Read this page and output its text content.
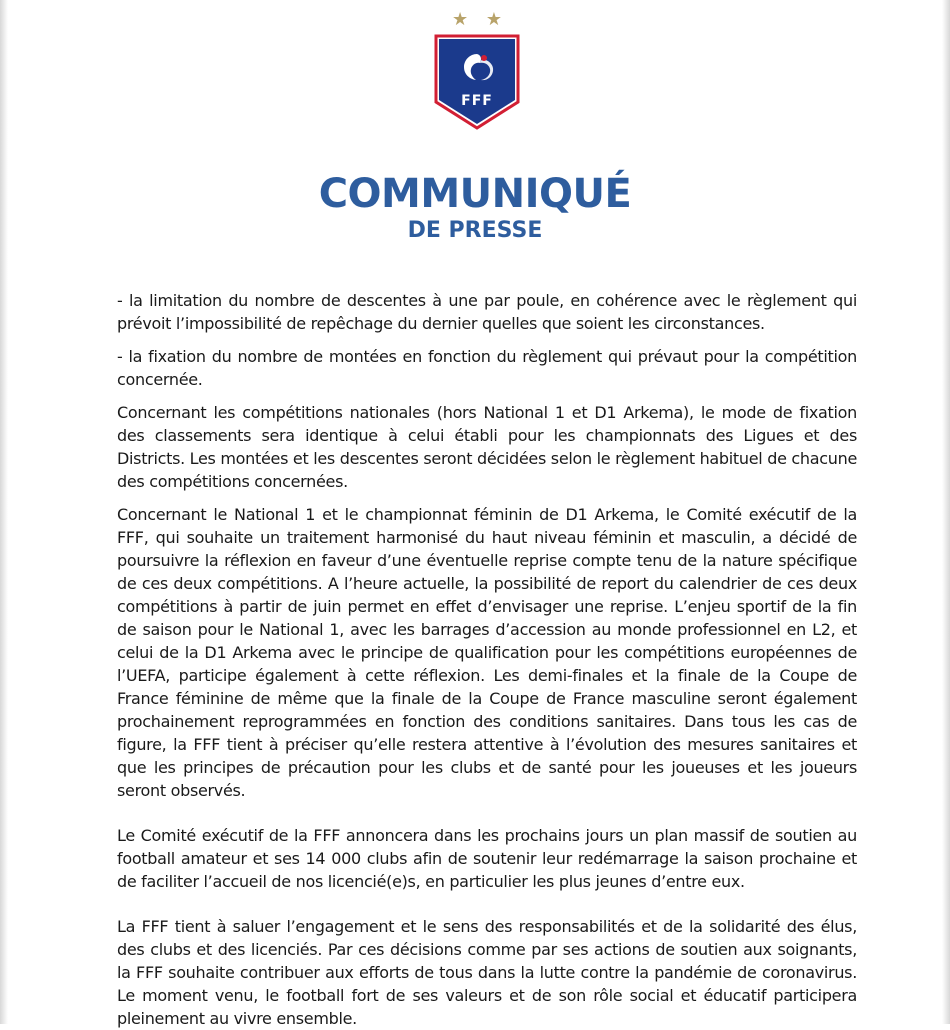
★ ★
FFF
COMMUNIQUÉ
DE PRESSE

- la limitation du nombre de descentes à une par poule, en cohérence avec le règlement qui prévoit l’impossibilité de repêchage du dernier quelles que soient les circonstances.

- la fixation du nombre de montées en fonction du règlement qui prévaut pour la compétition concernée.

Concernant les compétitions nationales (hors National 1 et D1 Arkema), le mode de fixation des classements sera identique à celui établi pour les championnats des Ligues et des Districts. Les montées et les descentes seront décidées selon le règlement habituel de chacune des compétitions concernées.

Concernant le National 1 et le championnat féminin de D1 Arkema, le Comité exécutif de la FFF, qui souhaite un traitement harmonisé du haut niveau féminin et masculin, a décidé de poursuivre la réflexion en faveur d’une éventuelle reprise compte tenu de la nature spécifique de ces deux compétitions. A l’heure actuelle, la possibilité de report du calendrier de ces deux compétitions à partir de juin permet en effet d’envisager une reprise. L’enjeu sportif de la fin de saison pour le National 1, avec les barrages d’accession au monde professionnel en L2, et celui de la D1 Arkema avec le principe de qualification pour les compétitions européennes de l’UEFA, participe également à cette réflexion. Les demi-finales et la finale de la Coupe de France féminine de même que la finale de la Coupe de France masculine seront également prochainement reprogrammées en fonction des conditions sanitaires. Dans tous les cas de figure, la FFF tient à préciser qu’elle restera attentive à l’évolution des mesures sanitaires et que les principes de précaution pour les clubs et de santé pour les joueuses et les joueurs seront observés.

Le Comité exécutif de la FFF annoncera dans les prochains jours un plan massif de soutien au football amateur et ses 14 000 clubs afin de soutenir leur redémarrage la saison prochaine et de faciliter l’accueil de nos licencié(e)s, en particulier les plus jeunes d’entre eux.

La FFF tient à saluer l’engagement et le sens des responsabilités et de la solidarité des élus, des clubs et des licenciés. Par ces décisions comme par ses actions de soutien aux soignants, la FFF souhaite contribuer aux efforts de tous dans la lutte contre la pandémie de coronavirus. Le moment venu, le football fort de ses valeurs et de son rôle social et éducatif participera pleinement au vivre ensemble.
